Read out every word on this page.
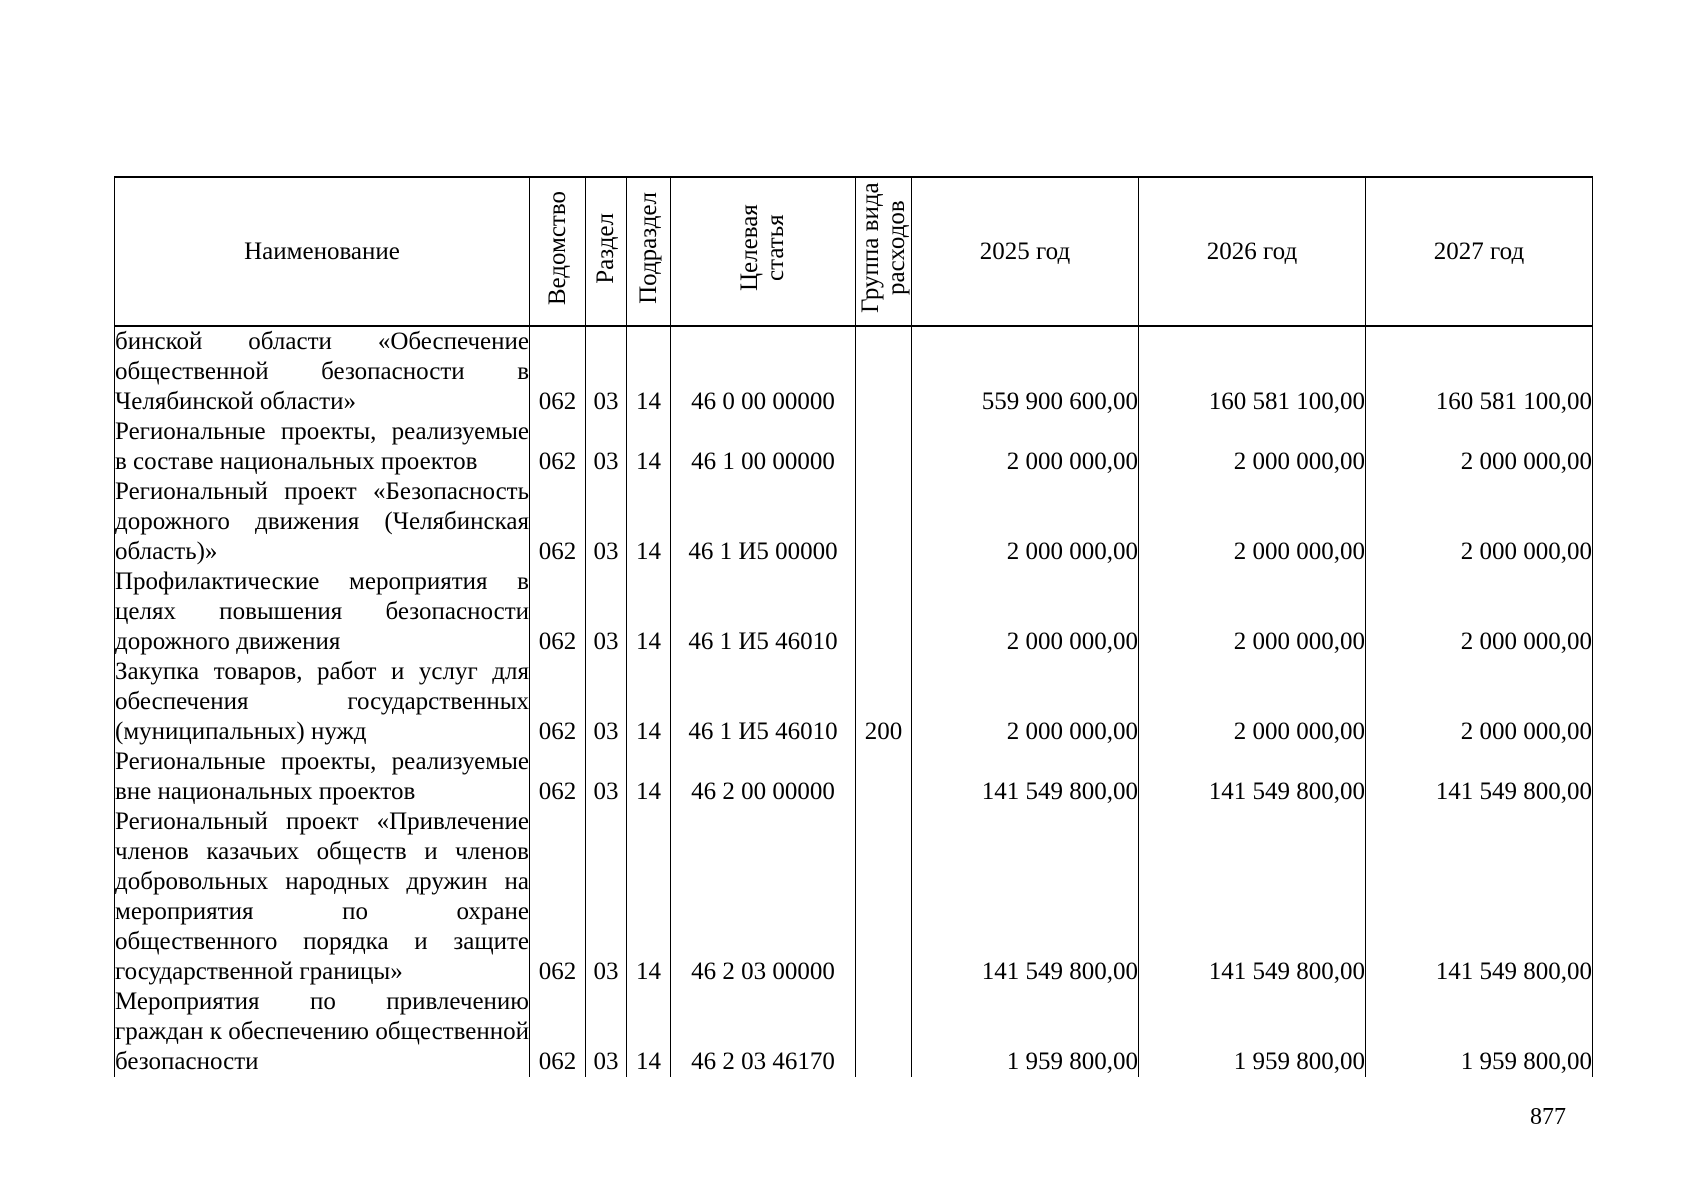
Наименование	Ведомство	Раздел	Подраздел	Целевая статья	Группа вида расходов	2025 год	2026 год	2027 год
бинской области «Обеспечение общественной безопасности в Челябинской области»	062	03	14	46 0 00 00000		559 900 600,00	160 581 100,00	160 581 100,00
Региональные проекты, реализуемые в составе национальных проектов	062	03	14	46 1 00 00000		2 000 000,00	2 000 000,00	2 000 000,00
Региональный проект «Безопасность дорожного движения (Челябинская область)»	062	03	14	46 1 И5 00000		2 000 000,00	2 000 000,00	2 000 000,00
Профилактические мероприятия в целях повышения безопасности дорожного движения	062	03	14	46 1 И5 46010		2 000 000,00	2 000 000,00	2 000 000,00
Закупка товаров, работ и услуг для обеспечения государственных (муниципальных) нужд	062	03	14	46 1 И5 46010	200	2 000 000,00	2 000 000,00	2 000 000,00
Региональные проекты, реализуемые вне национальных проектов	062	03	14	46 2 00 00000		141 549 800,00	141 549 800,00	141 549 800,00
Региональный проект «Привлечение членов казачьих обществ и членов добровольных народных дружин на мероприятия по охране общественного порядка и защите государственной границы»	062	03	14	46 2 03 00000		141 549 800,00	141 549 800,00	141 549 800,00
Мероприятия по привлечению граждан к обеспечению общественной безопасности	062	03	14	46 2 03 46170		1 959 800,00	1 959 800,00	1 959 800,00
877
